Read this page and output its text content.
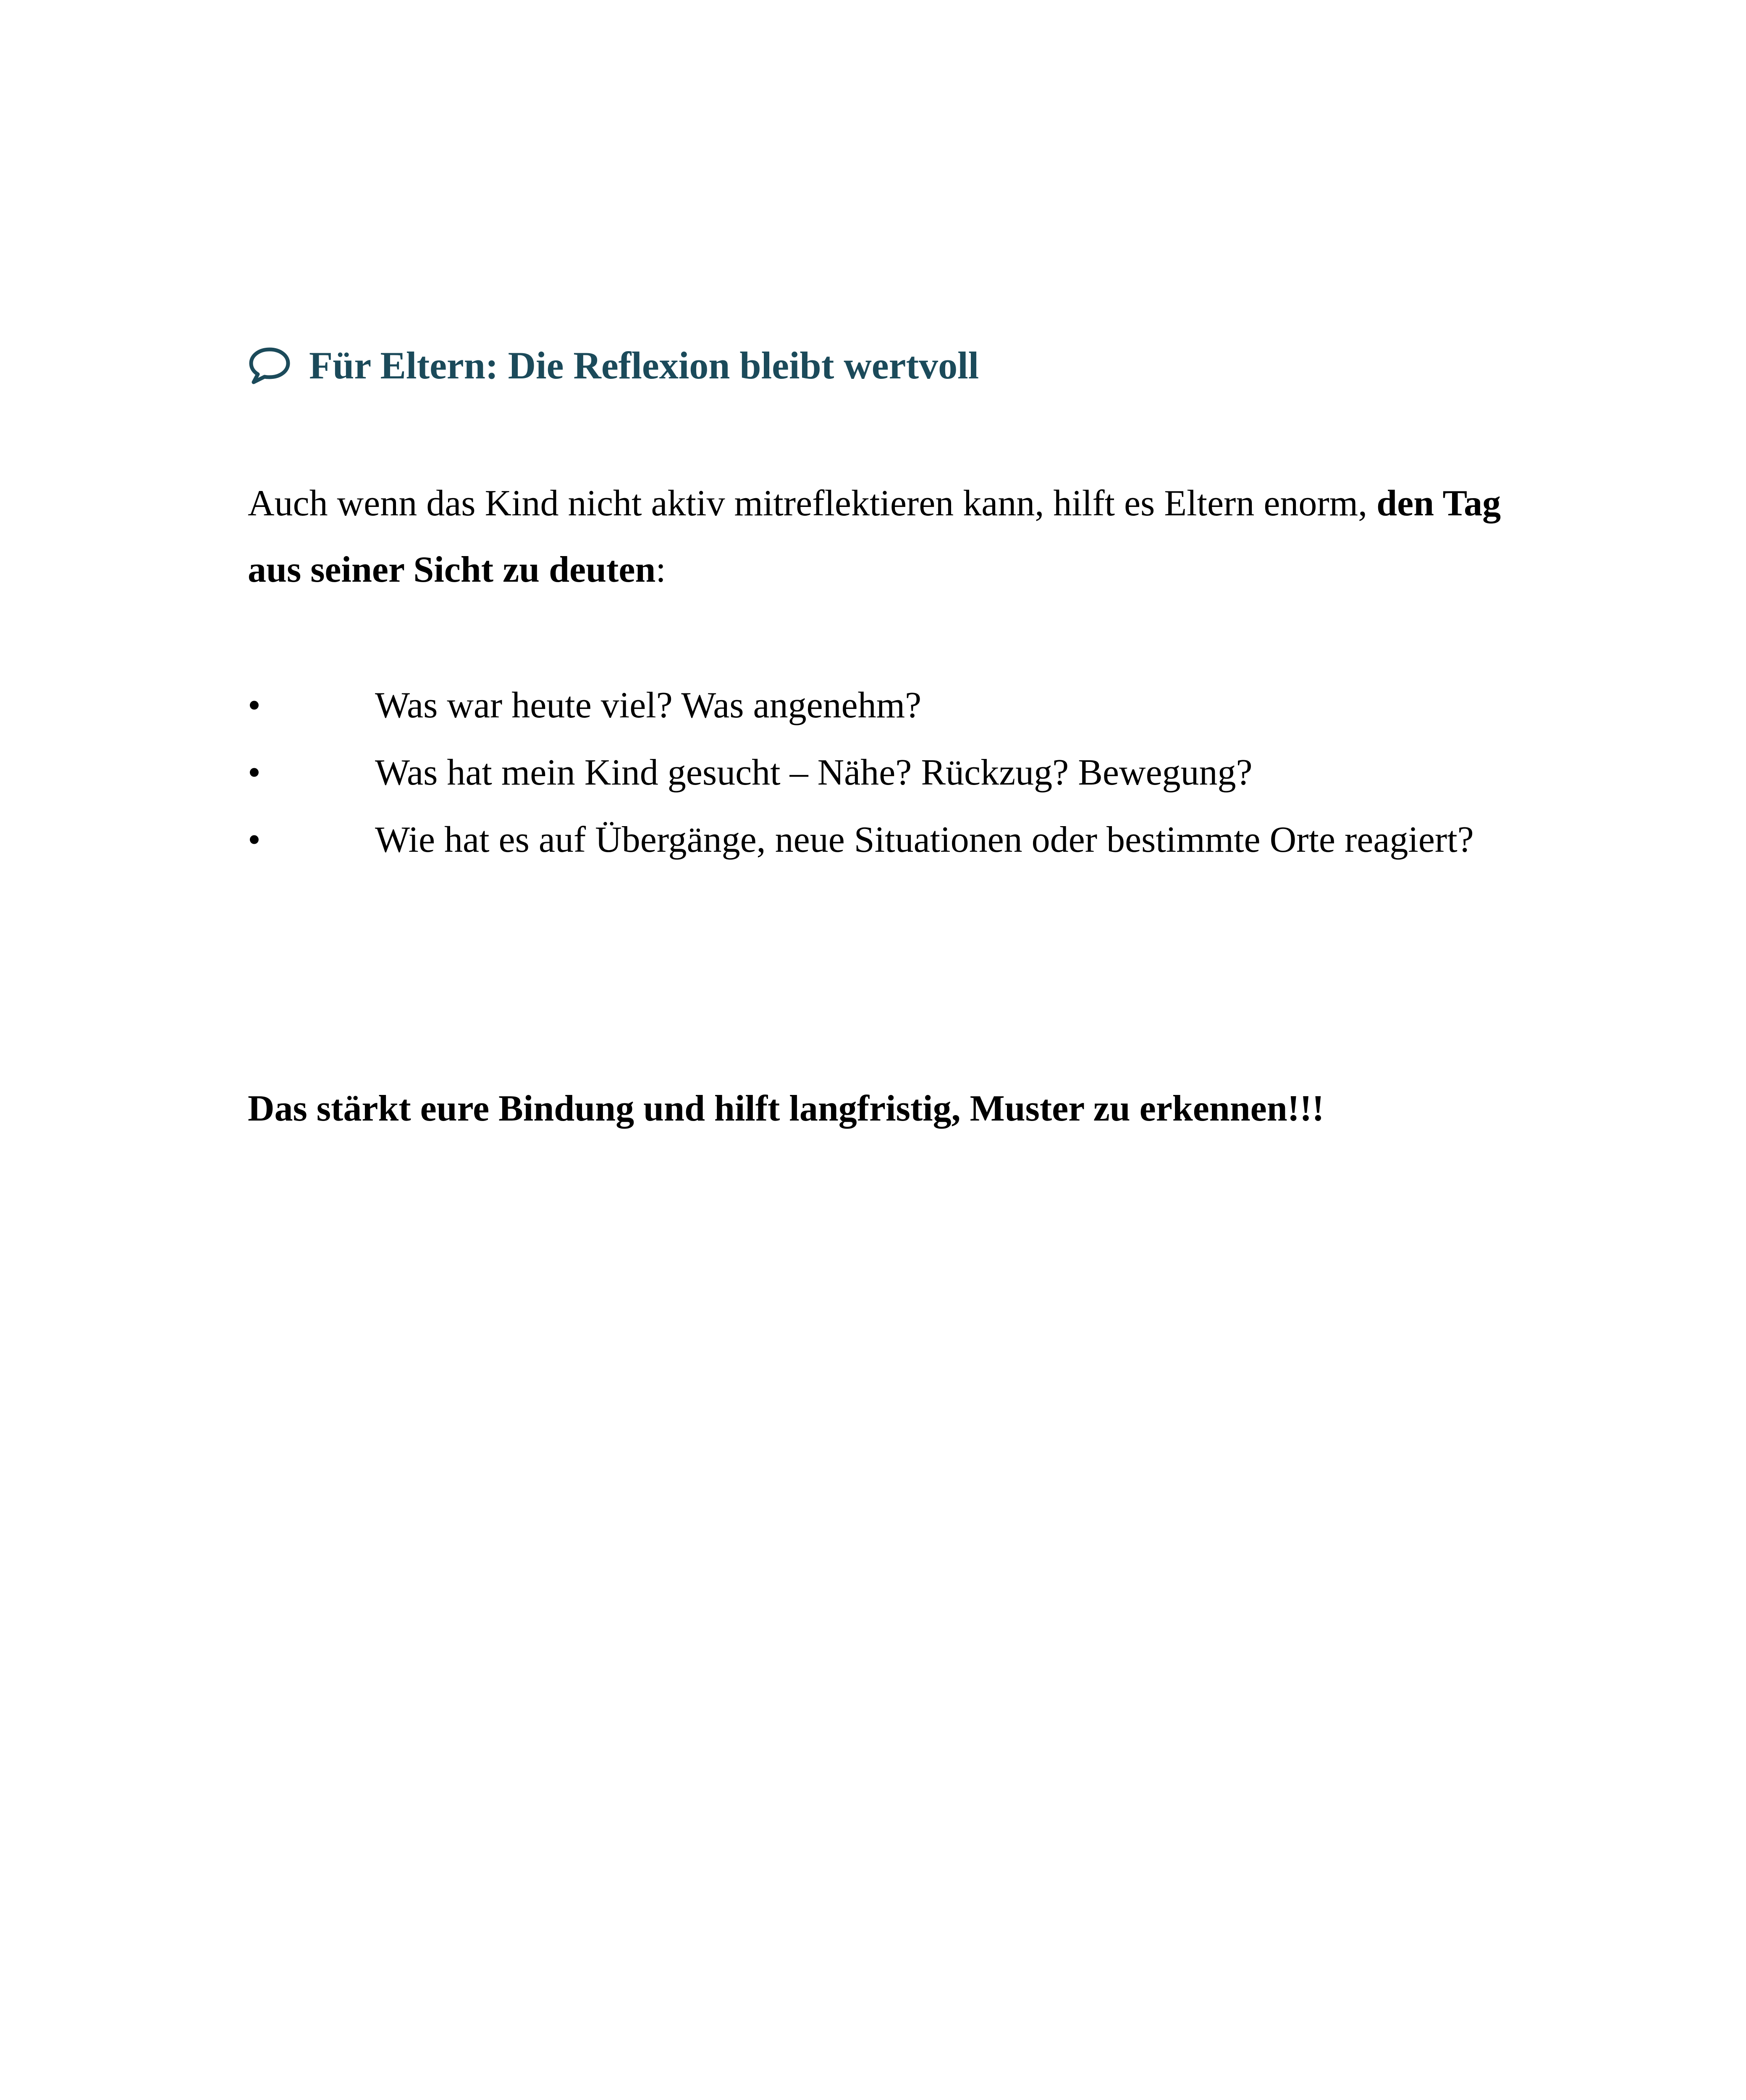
Für Eltern: Die Reflexion bleibt wertvoll

Auch wenn das Kind nicht aktiv mitreflektieren kann, hilft es Eltern enorm, den Tag aus seiner Sicht zu deuten:

•	Was war heute viel? Was angenehm?
•	Was hat mein Kind gesucht – Nähe? Rückzug? Bewegung?
•	Wie hat es auf Übergänge, neue Situationen oder bestimmte Orte reagiert?

Das stärkt eure Bindung und hilft langfristig, Muster zu erkennen!!!
